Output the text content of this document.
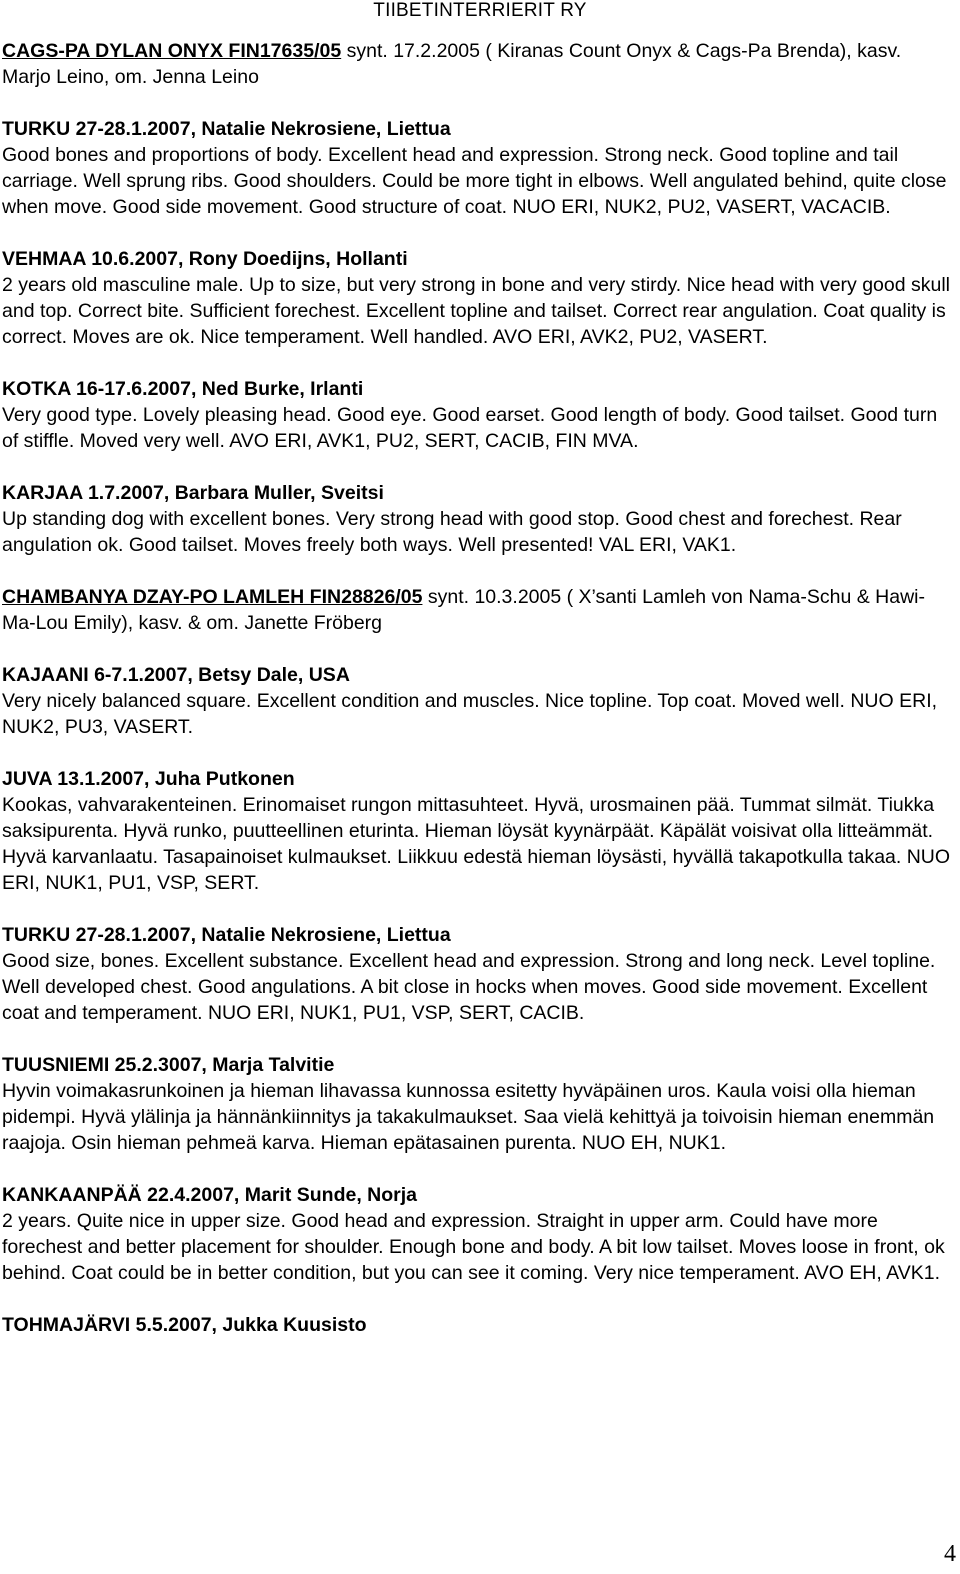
TIIBETINTERRIERIT RY
CAGS-PA DYLAN ONYX FIN17635/05 synt. 17.2.2005 ( Kiranas Count Onyx & Cags-Pa Brenda), kasv. Marjo Leino, om. Jenna Leino
TURKU 27-28.1.2007, Natalie Nekrosiene, Liettua
Good bones and proportions of body. Excellent head and expression. Strong neck. Good topline and tail carriage. Well sprung ribs. Good shoulders. Could be more tight in elbows. Well angulated behind, quite close when move. Good side movement. Good structure of coat. NUO ERI, NUK2, PU2, VASERT, VACACIB.
VEHMAA 10.6.2007, Rony Doedijns, Hollanti
2 years old masculine male. Up to size, but very strong in bone and very stirdy. Nice head with very good skull and top. Correct bite. Sufficient forechest. Excellent topline and tailset. Correct rear angulation. Coat quality is correct. Moves are ok. Nice temperament. Well handled. AVO ERI, AVK2, PU2, VASERT.
KOTKA 16-17.6.2007, Ned Burke, Irlanti
Very good type. Lovely pleasing head. Good eye. Good earset. Good length of body. Good tailset. Good turn of stiffle. Moved very well. AVO ERI, AVK1, PU2, SERT, CACIB, FIN MVA.
KARJAA 1.7.2007, Barbara Muller, Sveitsi
Up standing dog with excellent bones. Very strong head with good stop. Good chest and forechest. Rear angulation ok. Good tailset. Moves freely both ways. Well presented! VAL ERI, VAK1.
CHAMBANYA DZAY-PO LAMLEH FIN28826/05 synt. 10.3.2005 ( X’santi Lamleh von Nama-Schu & Hawi-Ma-Lou Emily), kasv. & om. Janette Fröberg
KAJAANI 6-7.1.2007, Betsy Dale, USA
Very nicely balanced square. Excellent condition and muscles. Nice topline. Top coat. Moved well. NUO ERI, NUK2, PU3, VASERT.
JUVA 13.1.2007, Juha Putkonen
Kookas, vahvarakenteinen. Erinomaiset rungon mittasuhteet. Hyvä, urosmainen pää. Tummat silmät. Tiukka saksipurenta. Hyvä runko, puutteellinen eturinta. Hieman löysät kyynärpäät. Käpälät voisivat olla litteämmät. Hyvä karvanlaatu. Tasapainoiset kulmaukset. Liikkuu edestä hieman löysästi, hyvällä takapotkulla takaa. NUO ERI, NUK1, PU1, VSP, SERT.
TURKU 27-28.1.2007, Natalie Nekrosiene, Liettua
Good size, bones. Excellent substance. Excellent head and expression. Strong and long neck. Level topline. Well developed chest. Good angulations. A bit close in hocks when moves. Good side movement. Excellent coat and temperament. NUO ERI, NUK1, PU1, VSP, SERT, CACIB.
TUUSNIEMI 25.2.3007, Marja Talvitie
Hyvin voimakasrunkoinen ja hieman lihavassa kunnossa esitetty hyväpäinen uros. Kaula voisi olla hieman pidempi. Hyvä ylälinja ja hännänkiinnitys ja takakulmaukset. Saa vielä kehittyä ja toivoisin hieman enemmän raajoja. Osin hieman pehmeä karva. Hieman epätasainen purenta. NUO EH, NUK1.
KANKAANPÄÄ 22.4.2007, Marit Sunde, Norja
2 years. Quite nice in upper size. Good head and expression. Straight in upper arm. Could have more forechest and better placement for shoulder. Enough bone and body. A bit low tailset. Moves loose in front, ok behind. Coat could be in better condition, but you can see it coming. Very nice temperament. AVO EH, AVK1.
TOHMAJÄRVI 5.5.2007, Jukka Kuusisto
4
